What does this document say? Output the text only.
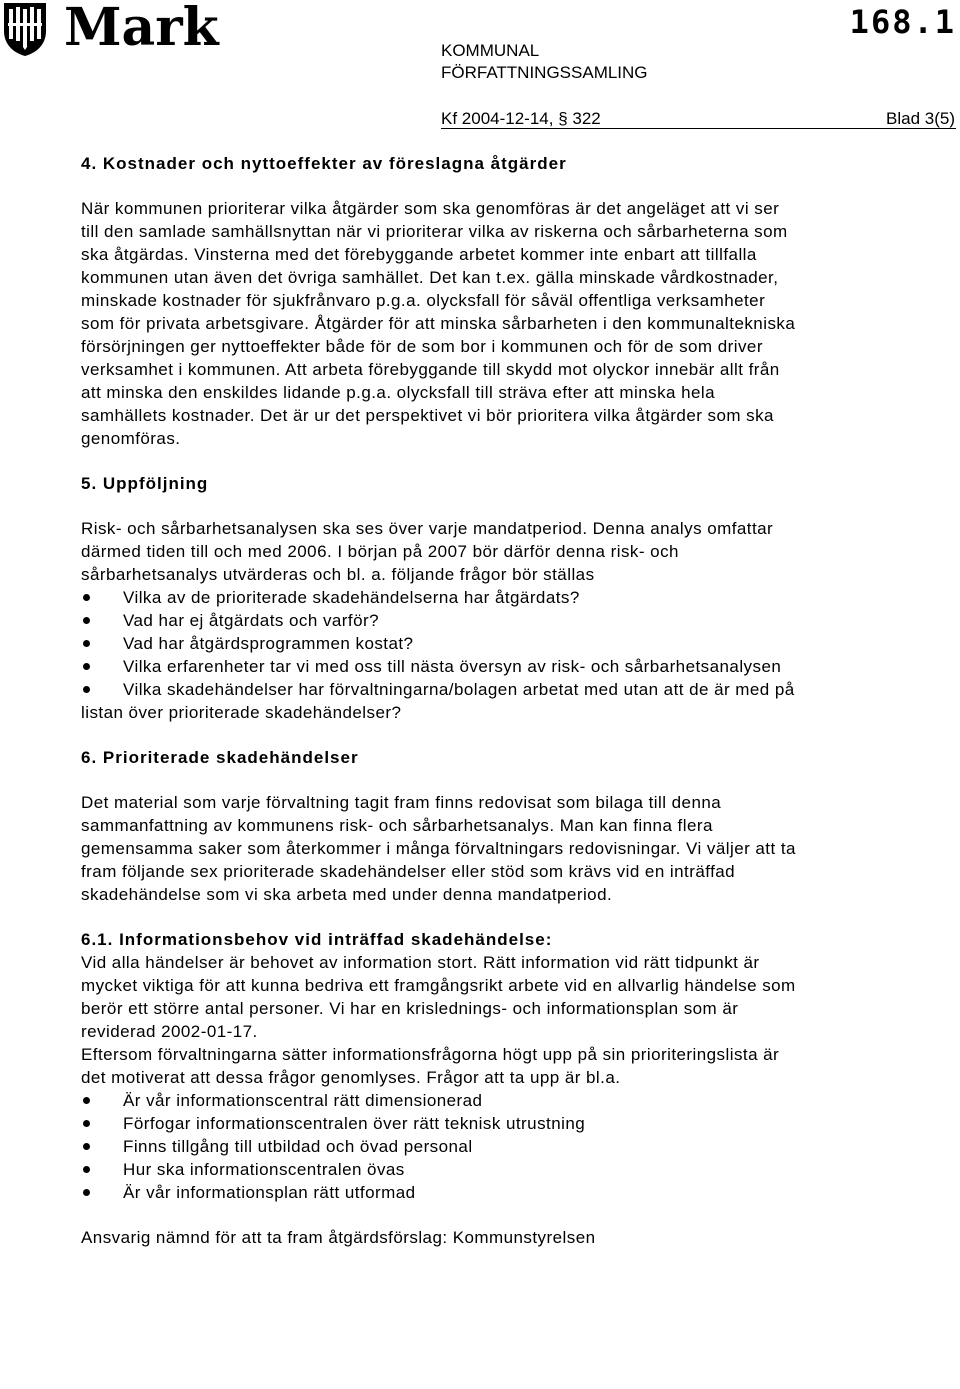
Mark	168.1
KOMMUNAL
FÖRFATTNINGSSAMLING
Kf 2004-12-14, § 322	Blad 3(5)

4. Kostnader och nyttoeffekter av föreslagna åtgärder

När kommunen prioriterar vilka åtgärder som ska genomföras är det angeläget att vi ser till den samlade samhällsnyttan när vi prioriterar vilka av riskerna och sårbarheterna som ska åtgärdas. Vinsterna med det förebyggande arbetet kommer inte enbart att tillfalla kommunen utan även det övriga samhället. Det kan t.ex. gälla minskade vårdkostnader, minskade kostnader för sjukfrånvaro p.g.a. olycksfall för såväl offentliga verksamheter som för privata arbetsgivare. Åtgärder för att minska sårbarheten i den kommunaltekniska försörjningen ger nyttoeffekter både för de som bor i kommunen och för de som driver verksamhet i kommunen. Att arbeta förebyggande till skydd mot olyckor innebär allt från att minska den enskildes lidande p.g.a. olycksfall till sträva efter att minska hela samhällets kostnader. Det är ur det perspektivet vi bör prioritera vilka åtgärder som ska genomföras.

5. Uppföljning

Risk- och sårbarhetsanalysen ska ses över varje mandatperiod. Denna analys omfattar därmed tiden till och med 2006. I början på 2007 bör därför denna risk- och sårbarhetsanalys utvärderas och bl. a. följande frågor bör ställas

Vilka av de prioriterade skadehändelserna har åtgärdats?
Vad har ej åtgärdats och varför?
Vad har åtgärdsprogrammen kostat?
Vilka erfarenheter tar vi med oss till nästa översyn av risk- och sårbarhetsanalysen
Vilka skadehändelser har förvaltningarna/bolagen arbetat med utan att de är med på listan över prioriterade skadehändelser?

6. Prioriterade skadehändelser

Det material som varje förvaltning tagit fram finns redovisat som bilaga till denna sammanfattning av kommunens risk- och sårbarhetsanalys. Man kan finna flera gemensamma saker som återkommer i många förvaltningars redovisningar. Vi väljer att ta fram följande sex prioriterade skadehändelser eller stöd som krävs vid en inträffad skadehändelse som vi ska arbeta med under denna mandatperiod.

6.1. Informationsbehov vid inträffad skadehändelse:

Vid alla händelser är behovet av information stort. Rätt information vid rätt tidpunkt är mycket viktiga för att kunna bedriva ett framgångsrikt arbete vid en allvarlig händelse som berör ett större antal personer. Vi har en krislednings- och informationsplan som är reviderad 2002-01-17.

Eftersom förvaltningarna sätter informationsfrågorna högt upp på sin prioriteringslista är det motiverat att dessa frågor genomlyses. Frågor att ta upp är bl.a.

Är vår informationscentral rätt dimensionerad
Förfogar informationscentralen över rätt teknisk utrustning
Finns tillgång till utbildad och övad personal
Hur ska informationscentralen övas
Är vår informationsplan rätt utformad

Ansvarig nämnd för att ta fram åtgärdsförslag: Kommunstyrelsen
